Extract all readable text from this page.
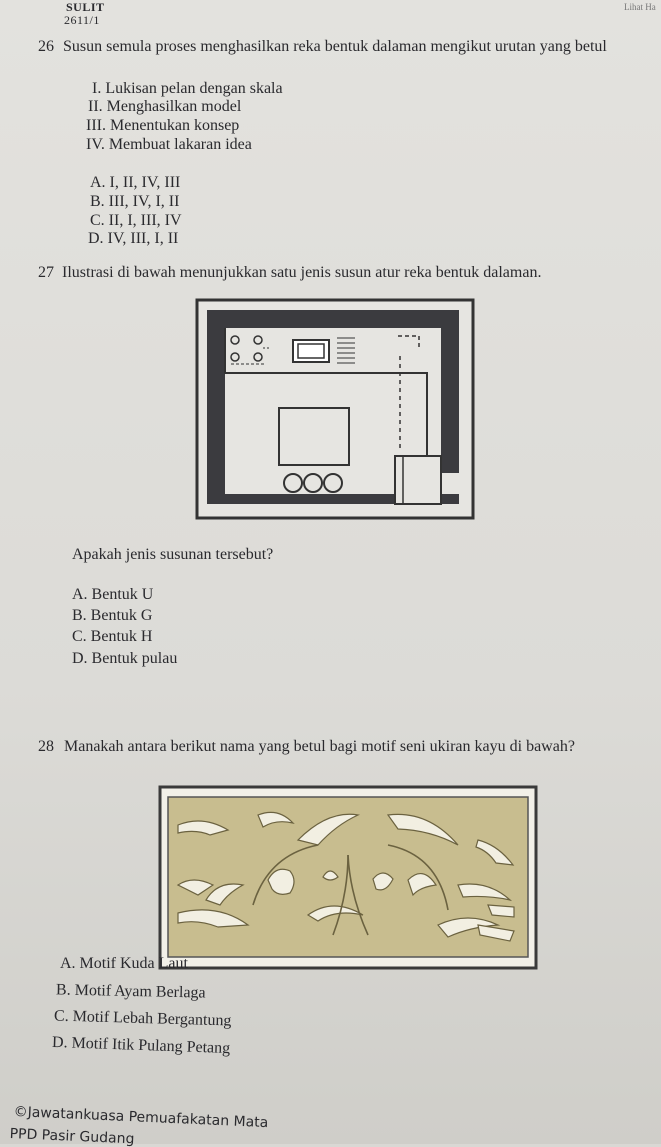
SULIT
2611/1
Lihat Ha
26 Susun semula proses menghasilkan reka bentuk dalaman mengikut urutan yang betul
I. Lukisan pelan dengan skala
II. Menghasilkan model
III. Menentukan konsep
IV. Membuat lakaran idea
A. I, II, IV, III
B. III, IV, I, II
C. II, I, III, IV
D. IV, III, I, II
27 Ilustrasi di bawah menunjukkan satu jenis susun atur reka bentuk dalaman.
Apakah jenis susunan tersebut?
A. Bentuk U
B. Bentuk G
C. Bentuk H
D. Bentuk pulau
28 Manakah antara berikut nama yang betul bagi motif seni ukiran kayu di bawah?
A. Motif Kuda Laut
B. Motif Ayam Berlaga
C. Motif Lebah Bergantung
D. Motif Itik Pulang Petang
©Jawatankuasa Pemuafakatan Mata
PPD Pasir Gudang
